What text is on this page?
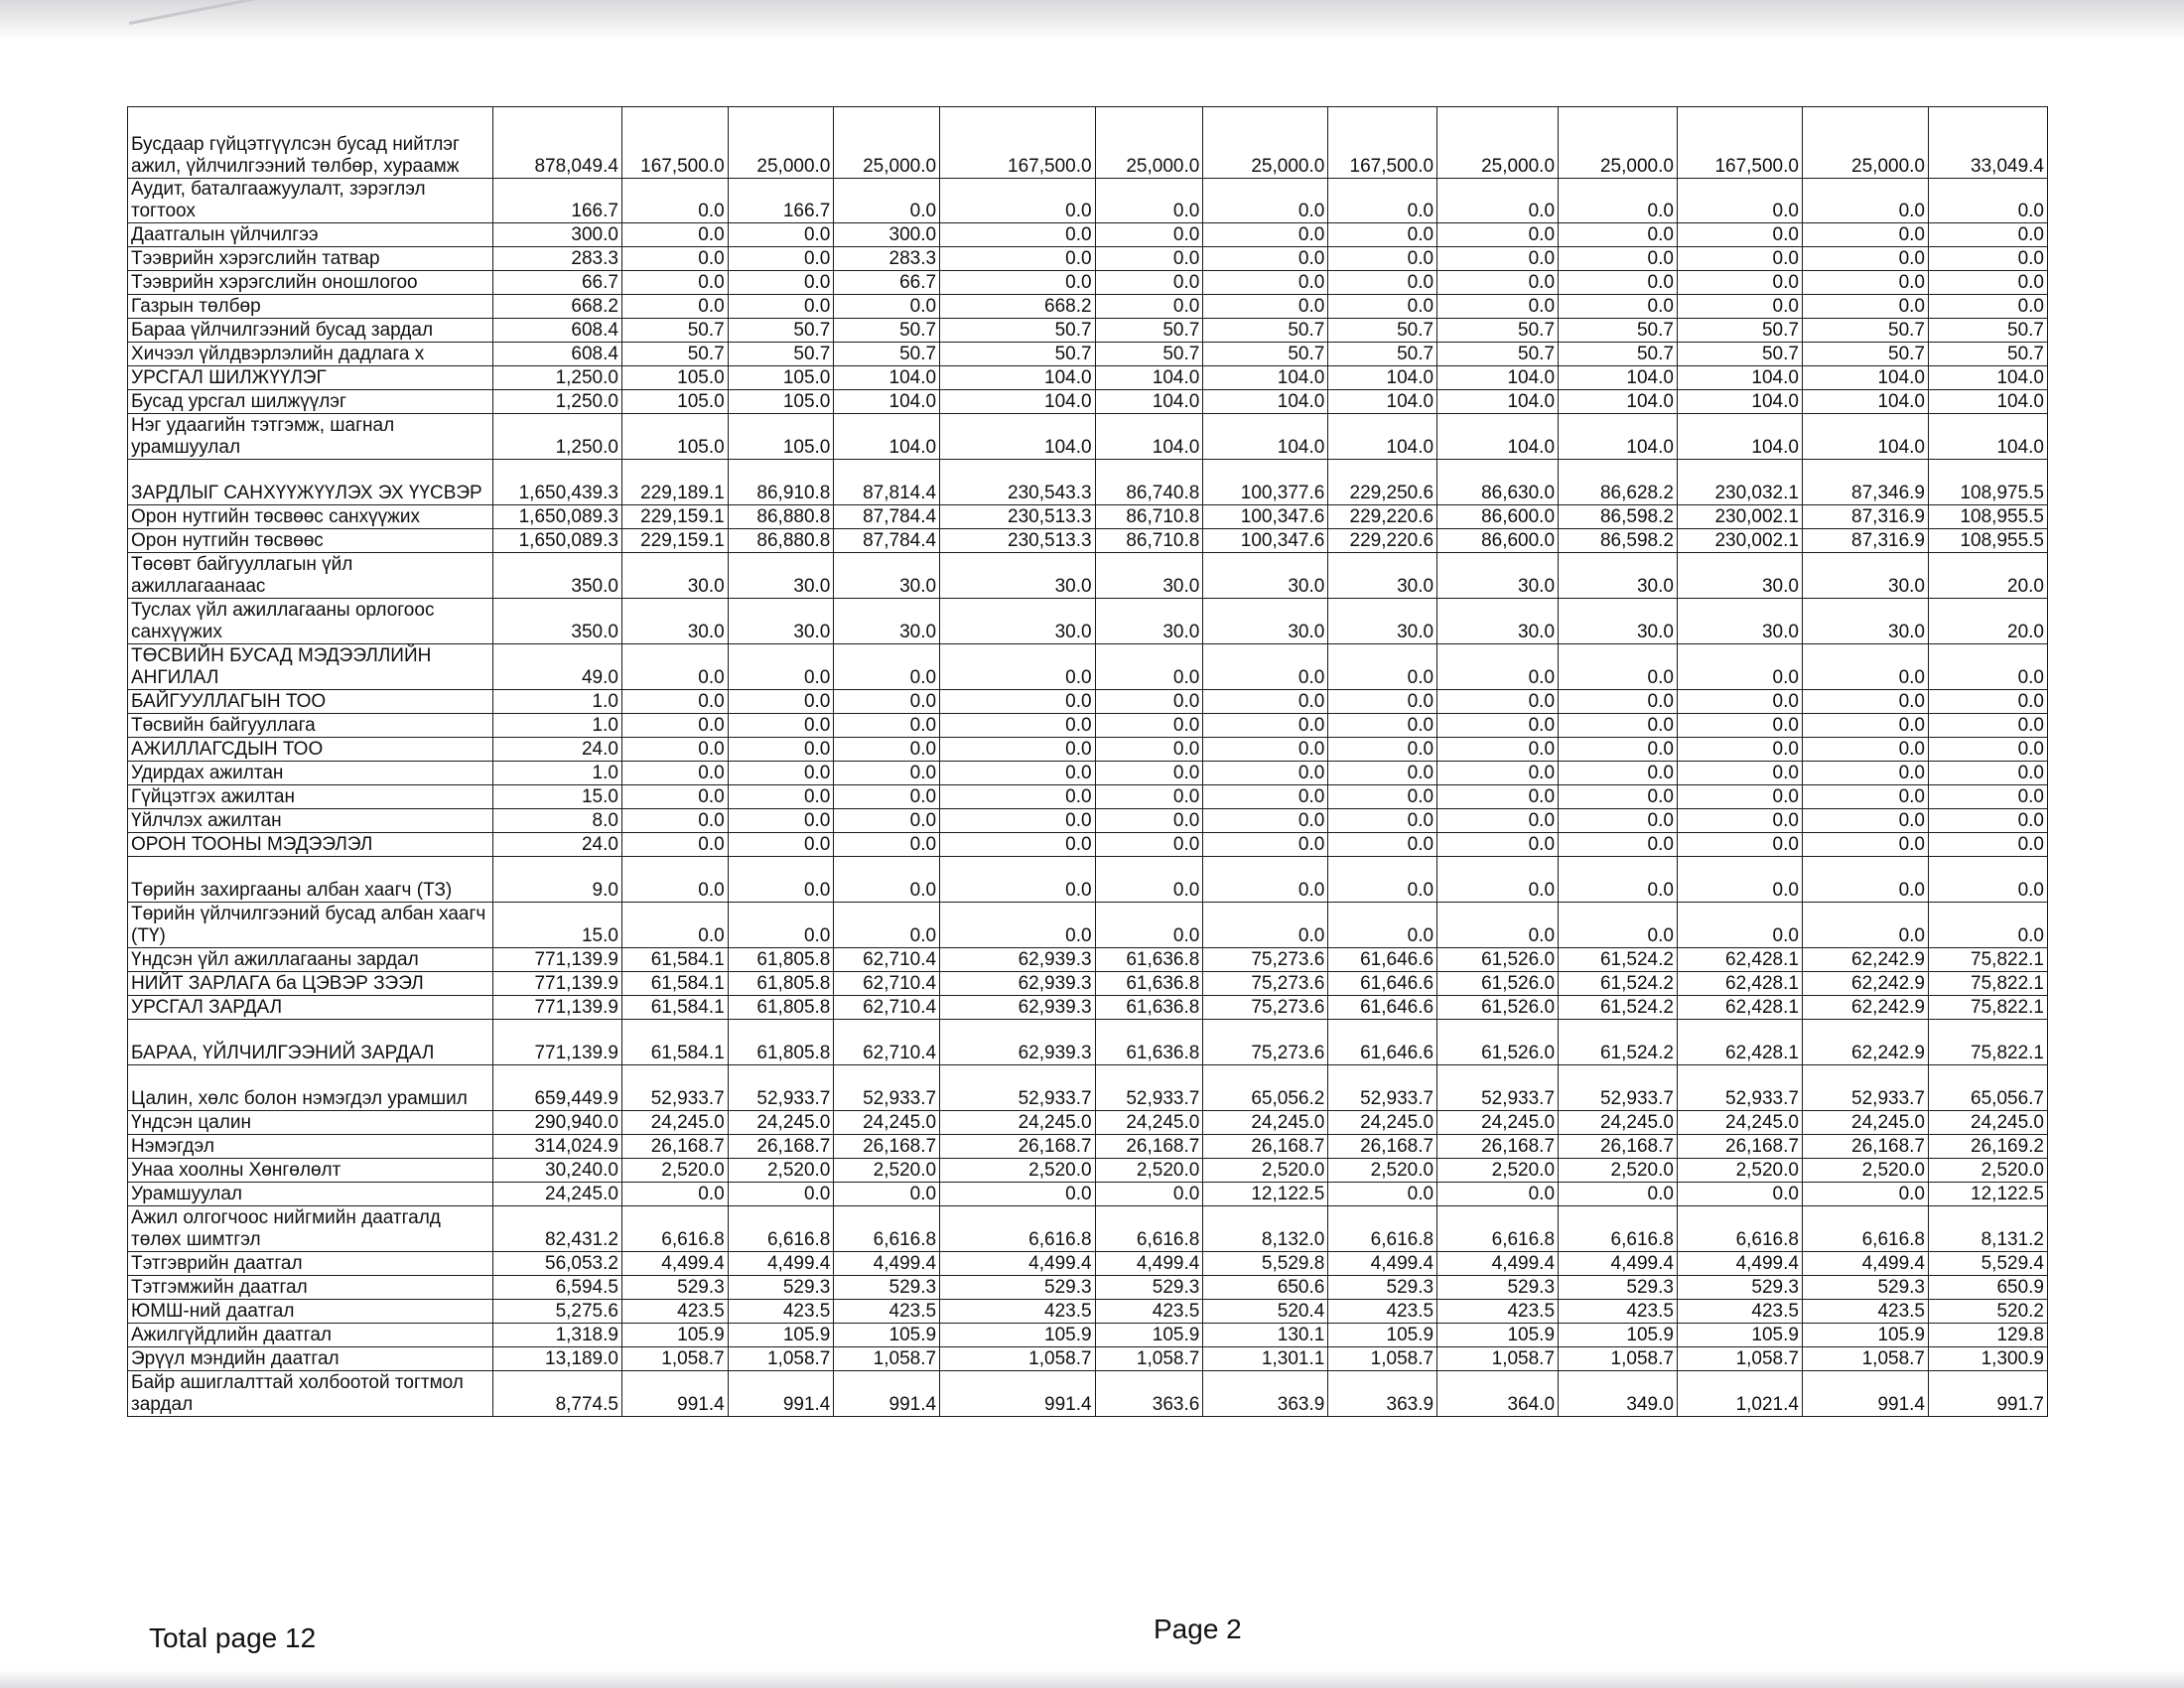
Бусдаар гүйцэтгүүлсэн бусад нийтлэг ажил, үйлчилгээний төлбөр, хураамж	878,049.4	167,500.0	25,000.0	25,000.0	167,500.0	25,000.0	25,000.0	167,500.0	25,000.0	25,000.0	167,500.0	25,000.0	33,049.4
Аудит, баталгаажуулалт, зэрэглэл тогтоох	166.7	0.0	166.7	0.0	0.0	0.0	0.0	0.0	0.0	0.0	0.0	0.0	0.0
Даатгалын үйлчилгээ	300.0	0.0	0.0	300.0	0.0	0.0	0.0	0.0	0.0	0.0	0.0	0.0	0.0
Тээврийн хэрэгслийн татвар	283.3	0.0	0.0	283.3	0.0	0.0	0.0	0.0	0.0	0.0	0.0	0.0	0.0
Тээврийн хэрэгслийн оношлогоо	66.7	0.0	0.0	66.7	0.0	0.0	0.0	0.0	0.0	0.0	0.0	0.0	0.0
Газрын төлбөр	668.2	0.0	0.0	0.0	668.2	0.0	0.0	0.0	0.0	0.0	0.0	0.0	0.0
Бараа үйлчилгээний бусад зардал	608.4	50.7	50.7	50.7	50.7	50.7	50.7	50.7	50.7	50.7	50.7	50.7	50.7
Хичээл үйлдвэрлэлийн дадлага х	608.4	50.7	50.7	50.7	50.7	50.7	50.7	50.7	50.7	50.7	50.7	50.7	50.7
УРСГАЛ ШИЛЖҮҮЛЭГ	1,250.0	105.0	105.0	104.0	104.0	104.0	104.0	104.0	104.0	104.0	104.0	104.0	104.0
Бусад урсгал шилжүүлэг	1,250.0	105.0	105.0	104.0	104.0	104.0	104.0	104.0	104.0	104.0	104.0	104.0	104.0
Нэг удаагийн тэтгэмж, шагнал урамшуулал	1,250.0	105.0	105.0	104.0	104.0	104.0	104.0	104.0	104.0	104.0	104.0	104.0	104.0
ЗАРДЛЫГ САНХҮҮЖҮҮЛЭХ ЭХ ҮҮСВЭР	1,650,439.3	229,189.1	86,910.8	87,814.4	230,543.3	86,740.8	100,377.6	229,250.6	86,630.0	86,628.2	230,032.1	87,346.9	108,975.5
Орон нутгийн төсвөөс санхүүжих	1,650,089.3	229,159.1	86,880.8	87,784.4	230,513.3	86,710.8	100,347.6	229,220.6	86,600.0	86,598.2	230,002.1	87,316.9	108,955.5
Орон нутгийн төсвөөс	1,650,089.3	229,159.1	86,880.8	87,784.4	230,513.3	86,710.8	100,347.6	229,220.6	86,600.0	86,598.2	230,002.1	87,316.9	108,955.5
Төсөвт байгууллагын үйл ажиллагаанаас	350.0	30.0	30.0	30.0	30.0	30.0	30.0	30.0	30.0	30.0	30.0	30.0	20.0
Туслах үйл ажиллагааны орлогоос санхүүжих	350.0	30.0	30.0	30.0	30.0	30.0	30.0	30.0	30.0	30.0	30.0	30.0	20.0
ТӨСВИЙН БУСАД МЭДЭЭЛЛИЙН АНГИЛАЛ	49.0	0.0	0.0	0.0	0.0	0.0	0.0	0.0	0.0	0.0	0.0	0.0	0.0
БАЙГУУЛЛАГЫН ТОО	1.0	0.0	0.0	0.0	0.0	0.0	0.0	0.0	0.0	0.0	0.0	0.0	0.0
Төсвийн байгууллага	1.0	0.0	0.0	0.0	0.0	0.0	0.0	0.0	0.0	0.0	0.0	0.0	0.0
АЖИЛЛАГСДЫН ТОО	24.0	0.0	0.0	0.0	0.0	0.0	0.0	0.0	0.0	0.0	0.0	0.0	0.0
Удирдах ажилтан	1.0	0.0	0.0	0.0	0.0	0.0	0.0	0.0	0.0	0.0	0.0	0.0	0.0
Гүйцэтгэх ажилтан	15.0	0.0	0.0	0.0	0.0	0.0	0.0	0.0	0.0	0.0	0.0	0.0	0.0
Үйлчлэх ажилтан	8.0	0.0	0.0	0.0	0.0	0.0	0.0	0.0	0.0	0.0	0.0	0.0	0.0
ОРОН ТООНЫ МЭДЭЭЛЭЛ	24.0	0.0	0.0	0.0	0.0	0.0	0.0	0.0	0.0	0.0	0.0	0.0	0.0
Төрийн захиргааны албан хаагч (ТЗ)	9.0	0.0	0.0	0.0	0.0	0.0	0.0	0.0	0.0	0.0	0.0	0.0	0.0
Төрийн үйлчилгээний бусад албан хаагч (ТҮ)	15.0	0.0	0.0	0.0	0.0	0.0	0.0	0.0	0.0	0.0	0.0	0.0	0.0
Үндсэн үйл ажиллагааны зардал	771,139.9	61,584.1	61,805.8	62,710.4	62,939.3	61,636.8	75,273.6	61,646.6	61,526.0	61,524.2	62,428.1	62,242.9	75,822.1
НИЙТ ЗАРЛАГА ба ЦЭВЭР ЗЭЭЛ	771,139.9	61,584.1	61,805.8	62,710.4	62,939.3	61,636.8	75,273.6	61,646.6	61,526.0	61,524.2	62,428.1	62,242.9	75,822.1
УРСГАЛ ЗАРДАЛ	771,139.9	61,584.1	61,805.8	62,710.4	62,939.3	61,636.8	75,273.6	61,646.6	61,526.0	61,524.2	62,428.1	62,242.9	75,822.1
БАРАА, ҮЙЛЧИЛГЭЭНИЙ ЗАРДАЛ	771,139.9	61,584.1	61,805.8	62,710.4	62,939.3	61,636.8	75,273.6	61,646.6	61,526.0	61,524.2	62,428.1	62,242.9	75,822.1
Цалин, хөлс болон нэмэгдэл урамшил	659,449.9	52,933.7	52,933.7	52,933.7	52,933.7	52,933.7	65,056.2	52,933.7	52,933.7	52,933.7	52,933.7	52,933.7	65,056.7
Үндсэн цалин	290,940.0	24,245.0	24,245.0	24,245.0	24,245.0	24,245.0	24,245.0	24,245.0	24,245.0	24,245.0	24,245.0	24,245.0	24,245.0
Нэмэгдэл	314,024.9	26,168.7	26,168.7	26,168.7	26,168.7	26,168.7	26,168.7	26,168.7	26,168.7	26,168.7	26,168.7	26,168.7	26,169.2
Унаа хоолны Хөнгөлөлт	30,240.0	2,520.0	2,520.0	2,520.0	2,520.0	2,520.0	2,520.0	2,520.0	2,520.0	2,520.0	2,520.0	2,520.0	2,520.0
Урамшуулал	24,245.0	0.0	0.0	0.0	0.0	0.0	12,122.5	0.0	0.0	0.0	0.0	0.0	12,122.5
Ажил олгогчоос нийгмийн даатгалд төлөх шимтгэл	82,431.2	6,616.8	6,616.8	6,616.8	6,616.8	6,616.8	8,132.0	6,616.8	6,616.8	6,616.8	6,616.8	6,616.8	8,131.2
Тэтгэврийн даатгал	56,053.2	4,499.4	4,499.4	4,499.4	4,499.4	4,499.4	5,529.8	4,499.4	4,499.4	4,499.4	4,499.4	4,499.4	5,529.4
Тэтгэмжийн даатгал	6,594.5	529.3	529.3	529.3	529.3	529.3	650.6	529.3	529.3	529.3	529.3	529.3	650.9
ЮМШ-ний даатгал	5,275.6	423.5	423.5	423.5	423.5	423.5	520.4	423.5	423.5	423.5	423.5	423.5	520.2
Ажилгүйдлийн даатгал	1,318.9	105.9	105.9	105.9	105.9	105.9	130.1	105.9	105.9	105.9	105.9	105.9	129.8
Эрүүл мэндийн даатгал	13,189.0	1,058.7	1,058.7	1,058.7	1,058.7	1,058.7	1,301.1	1,058.7	1,058.7	1,058.7	1,058.7	1,058.7	1,300.9
Байр ашиглалттай холбоотой тогтмол зардал	8,774.5	991.4	991.4	991.4	991.4	363.6	363.9	363.9	364.0	349.0	1,021.4	991.4	991.7
Total page 12	Page 2
